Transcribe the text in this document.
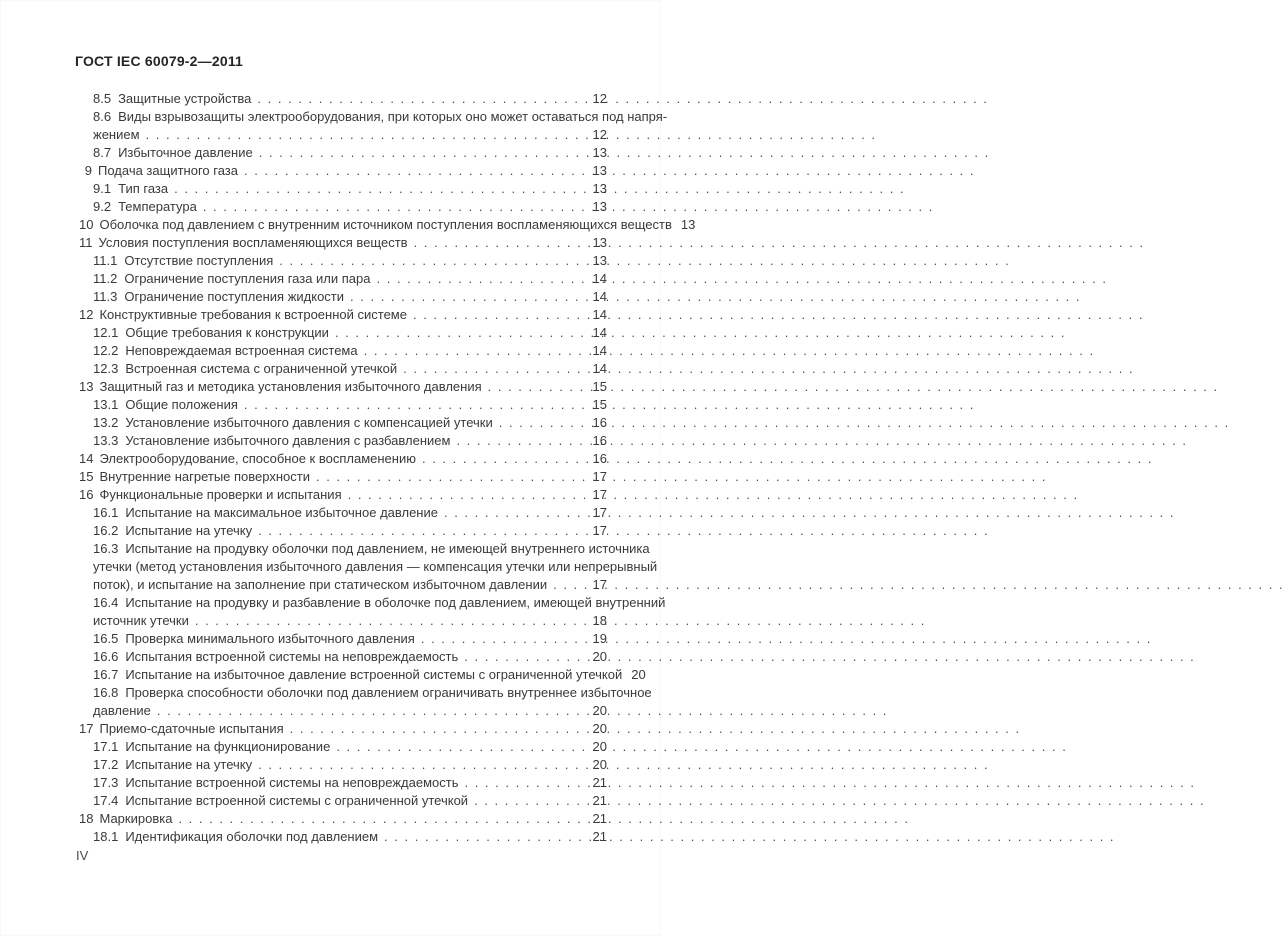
ГОСТ IEC 60079-2—2011
8.5 Защитные устройства . . .	12
8.6 Виды взрывозащиты электрооборудования, при которых оно может оставаться под напря-
жением . . .	12
8.7 Избыточное давление . . .	13
9 Подача защитного газа . . .	13
9.1 Тип газа . . .	13
9.2 Температура . . .	13
10 Оболочка под давлением с внутренним источником поступления воспламеняющихся веществ 13
11 Условия поступления воспламеняющихся веществ . . .	13
11.1 Отсутствие поступления . . .	13
11.2 Ограничение поступления газа или пара . . .	14
11.3 Ограничение поступления жидкости . . .	14
12 Конструктивные требования к встроенной системе . . .	14
12.1 Общие требования к конструкции . . .	14
12.2 Неповреждаемая встроенная система . . .	14
12.3 Встроенная система с ограниченной утечкой . . .	14
13 Защитный газ и методика установления избыточного давления . . .	15
13.1 Общие положения . . .	15
13.2 Установление избыточного давления с компенсацией утечки . . .	16
13.3 Установление избыточного давления с разбавлением . . .	16
14 Электрооборудование, способное к воспламенению . . .	16
15 Внутренние нагретые поверхности . . .	17
16 Функциональные проверки и испытания . . .	17
16.1 Испытание на максимальное избыточное давление . . .	17
16.2 Испытание на утечку . . .	17
16.3 Испытание на продувку оболочки под давлением, не имеющей внутреннего источника
утечки (метод установления избыточного давления — компенсация утечки или непрерывный
поток), и испытание на заполнение при статическом избыточном давлении . . .	17
16.4 Испытание на продувку и разбавление в оболочке под давлением, имеющей внутренний
источник утечки . . .	18
16.5 Проверка минимального избыточного давления . . .	19
16.6 Испытания встроенной системы на неповреждаемость . . .	20
16.7 Испытание на избыточное давление встроенной системы с ограниченной утечкой 20
16.8 Проверка способности оболочки под давлением ограничивать внутреннее избыточное
давление . . .	20
17 Приемо-сдаточные испытания . . .	20
17.1 Испытание на функционирование . . .	20
17.2 Испытание на утечку . . .	20
17.3 Испытание встроенной системы на неповреждаемость . . .	21
17.4 Испытание встроенной системы с ограниченной утечкой . . .	21
18 Маркировка . . .	21
18.1 Идентификация оболочки под давлением . . .	21
IV
